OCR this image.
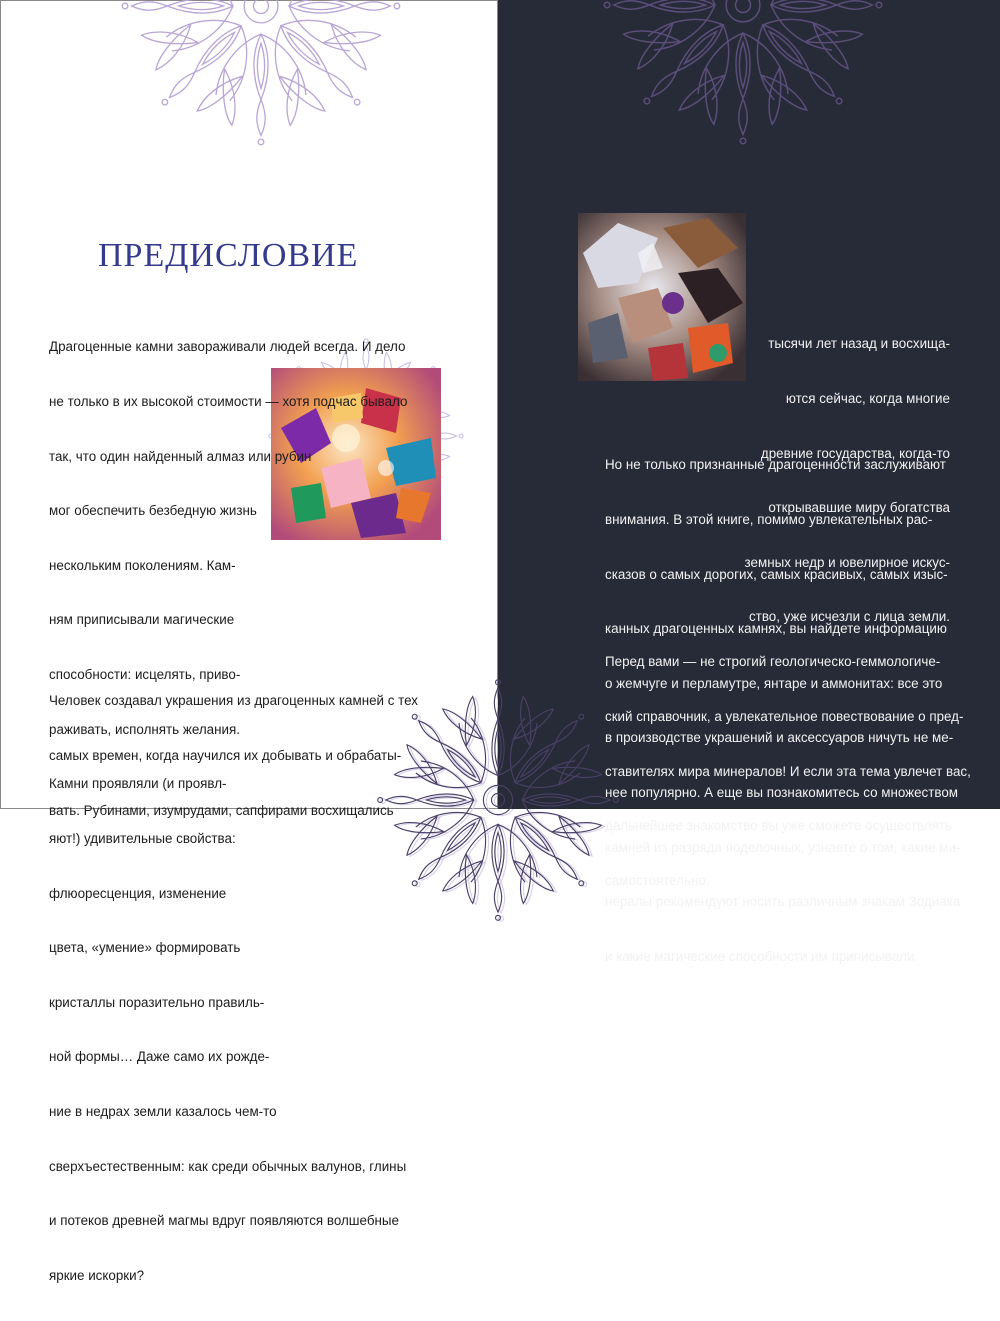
ПРЕДИСЛОВИЕ

Драгоценные камни завораживали людей всегда. И дело

не только в их высокой стоимости — хотя подчас бывало

так, что один найденный алмаз или рубин

мог обеспечить безбедную жизнь

нескольким поколениям. Кам-

ням приписывали магические

способности: исцелять, приво-

раживать, исполнять желания.

Камни проявляли (и проявл-

яют!) удивительные свойства:

флюоресценция, изменение

цвета, «умение» формировать

кристаллы поразительно правиль-

ной формы… Даже само их рожде-

ние в недрах земли казалось чем-то

сверхъестественным: как среди обычных валунов, глины

и потеков древней магмы вдруг появляются волшебные

яркие искорки?

Человек создавал украшения из драгоценных камней с тех

самых времен, когда научился их добывать и обрабаты-

вать. Рубинами, изумрудами, сапфирами восхищались

тысячи лет назад и восхища-

ются сейчас, когда многие

древние государства, когда-то

открывавшие миру богатства

земных недр и ювелирное искус-

ство, уже исчезли с лица земли.

Но не только признанные драгоценности заслуживают

внимания. В этой книге, помимо увлекательных рас-

сказов о самых дорогих, самых красивых, самых изыс-

канных драгоценных камнях, вы найдете информацию

о жемчуге и перламутре, янтаре и аммонитах: все это

в производстве украшений и аксессуаров ничуть не ме-

нее популярно. А еще вы познакомитесь со множеством

камней из разряда поделочных, узнаете о том, какие ми-

нералы рекомендуют носить различным знакам Зодиака

и какие магические способности им приписывали.

Перед вами — не строгий геологическо-геммологиче-

ский справочник, а увлекательное повествование о пред-

ставителях мира минералов! И если эта тема увлечет вас,

дальнейшее знакомство вы уже сможете осуществлять

самостоятельно.
